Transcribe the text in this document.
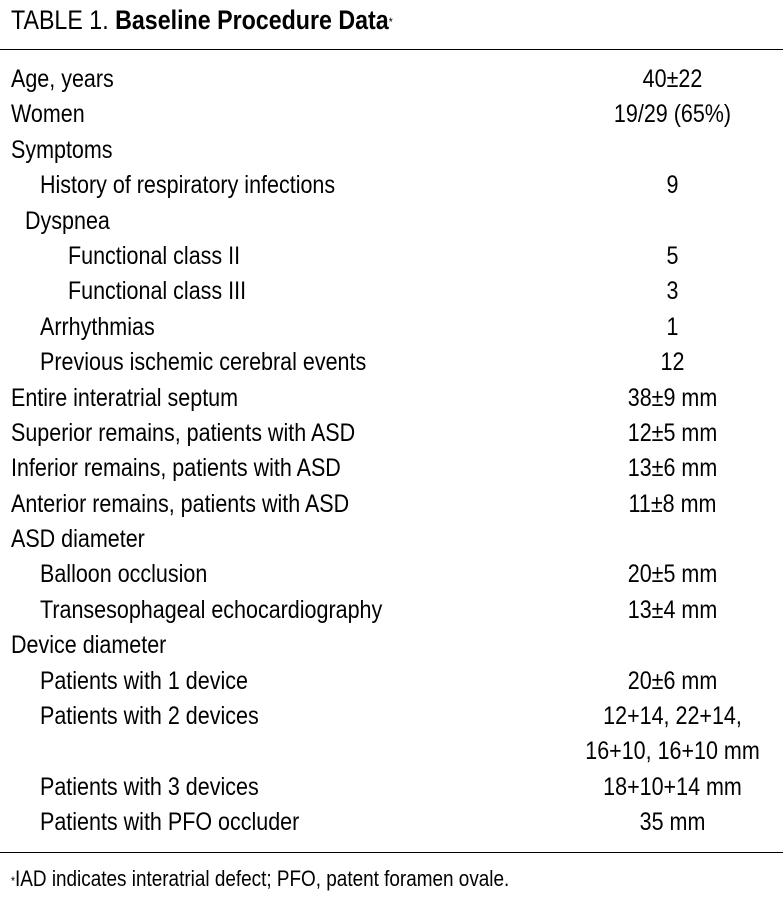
TABLE 1. Baseline Procedure Data*
Age, years	40±22
Women	19/29 (65%)
Symptoms
History of respiratory infections	9
Dyspnea
Functional class II	5
Functional class III	3
Arrhythmias	1
Previous ischemic cerebral events	12
Entire interatrial septum	38±9 mm
Superior remains, patients with ASD	12±5 mm
Inferior remains, patients with ASD	13±6 mm
Anterior remains, patients with ASD	11±8 mm
ASD diameter
Balloon occlusion	20±5 mm
Transesophageal echocardiography	13±4 mm
Device diameter
Patients with 1 device	20±6 mm
Patients with 2 devices	12+14, 22+14,
16+10, 16+10 mm
Patients with 3 devices	18+10+14 mm
Patients with PFO occluder	35 mm
*IAD indicates interatrial defect; PFO, patent foramen ovale.
